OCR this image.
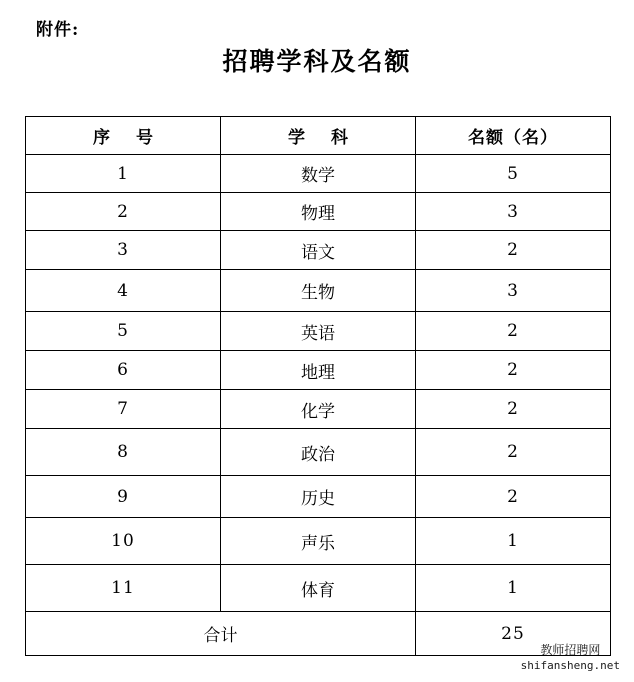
附件:
招聘学科及名额
序号	学科	名额（名）
1	数学	5
2	物理	3
3	语文	2
4	生物	3
5	英语	2
6	地理	2
7	化学	2
8	政治	2
9	历史	2
10	声乐	1
11	体育	1
合计		25
教师招聘网
shifansheng.net
